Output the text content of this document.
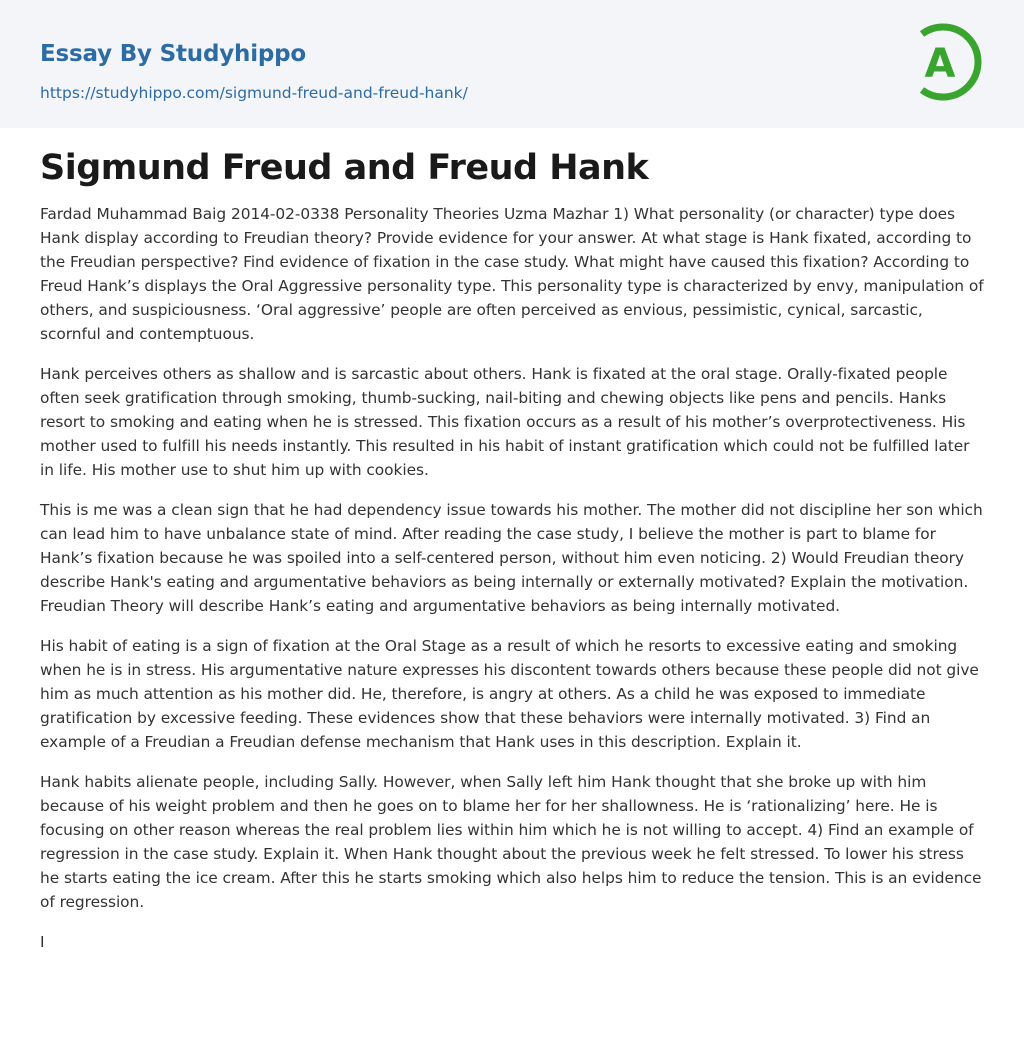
Essay By Studyhippo
https://studyhippo.com/sigmund-freud-and-freud-hank/
A
Sigmund Freud and Freud Hank

Fardad Muhammad Baig 2014-02-0338 Personality Theories Uzma Mazhar 1) What personality (or character) type does Hank display according to Freudian theory? Provide evidence for your answer. At what stage is Hank fixated, according to the Freudian perspective? Find evidence of fixation in the case study. What might have caused this fixation? According to Freud Hank’s displays the Oral Aggressive personality type. This personality type is characterized by envy, manipulation of others, and suspiciousness. ‘Oral aggressive’ people are often perceived as envious, pessimistic, cynical, sarcastic, scornful and contemptuous.

Hank perceives others as shallow and is sarcastic about others. Hank is fixated at the oral stage. Orally-fixated people often seek gratification through smoking, thumb-sucking, nail-biting and chewing objects like pens and pencils. Hanks resort to smoking and eating when he is stressed. This fixation occurs as a result of his mother’s overprotectiveness. His mother used to fulfill his needs instantly. This resulted in his habit of instant gratification which could not be fulfilled later in life. His mother use to shut him up with cookies.

This is me was a clean sign that he had dependency issue towards his mother. The mother did not discipline her son which can lead him to have unbalance state of mind. After reading the case study, I believe the mother is part to blame for Hank’s fixation because he was spoiled into a self-centered person, without him even noticing. 2) Would Freudian theory describe Hank's eating and argumentative behaviors as being internally or externally motivated? Explain the motivation. Freudian Theory will describe Hank’s eating and argumentative behaviors as being internally motivated.

His habit of eating is a sign of fixation at the Oral Stage as a result of which he resorts to excessive eating and smoking when he is in stress. His argumentative nature expresses his discontent towards others because these people did not give him as much attention as his mother did. He, therefore, is angry at others. As a child he was exposed to immediate gratification by excessive feeding. These evidences show that these behaviors were internally motivated. 3) Find an example of a Freudian a Freudian defense mechanism that Hank uses in this description. Explain it.

Hank habits alienate people, including Sally. However, when Sally left him Hank thought that she broke up with him because of his weight problem and then he goes on to blame her for her shallowness. He is ‘rationalizing’ here. He is focusing on other reason whereas the real problem lies within him which he is not willing to accept. 4) Find an example of regression in the case study. Explain it. When Hank thought about the previous week he felt stressed. To lower his stress he starts eating the ice cream. After this he starts smoking which also helps him to reduce the tension. This is an evidence of regression.

I
